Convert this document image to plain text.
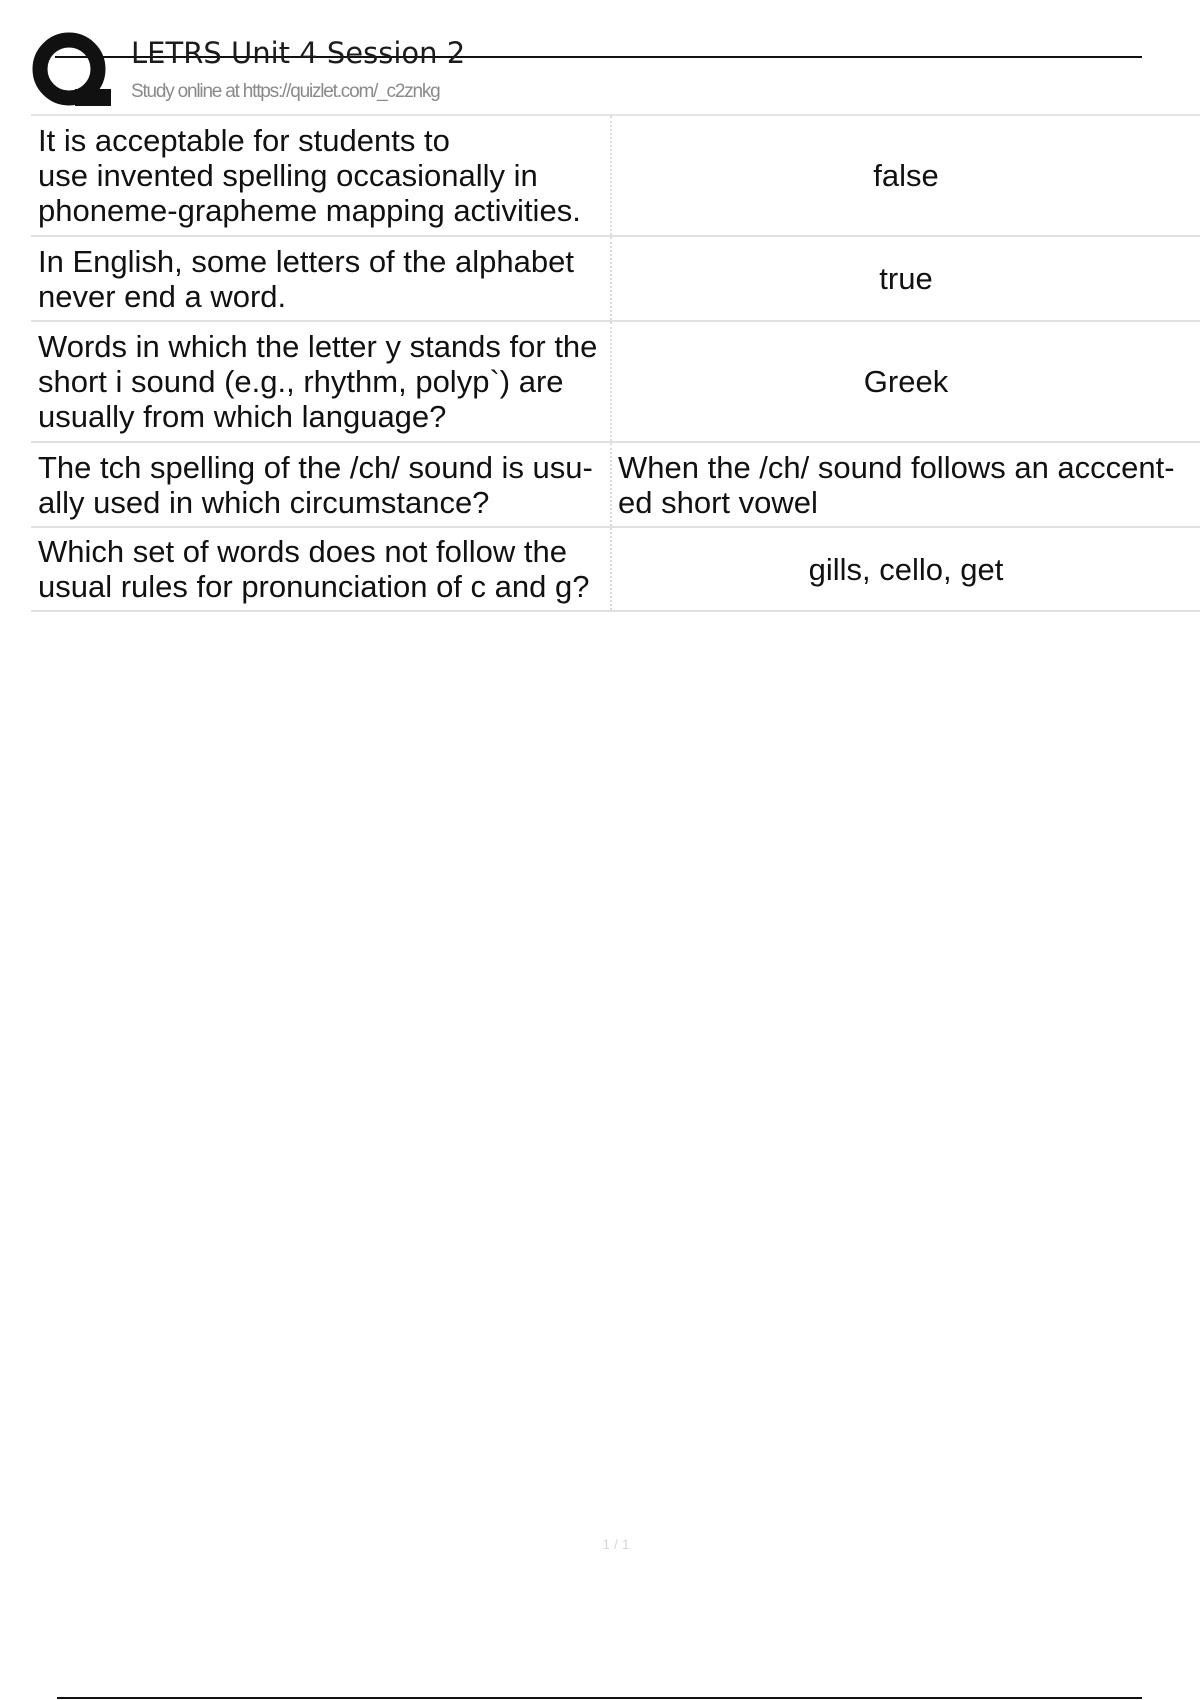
LETRS Unit 4 Session 2
Study online at https://quizlet.com/_c2znkg
It is acceptable for students to
use invented spelling occasionally in
phoneme-grapheme mapping activities.
false
In English, some letters of the alphabet
never end a word.	true
Words in which the letter y stands for the
short i sound (e.g., rhythm, polyp`) are
usually from which language?
Greek
The tch spelling of the /ch/ sound is usu-
ally used in which circumstance?
When the /ch/ sound follows an acccent-
ed short vowel
Which set of words does not follow the
usual rules for pronunciation of c and g?	gills, cello, get
1 / 1
